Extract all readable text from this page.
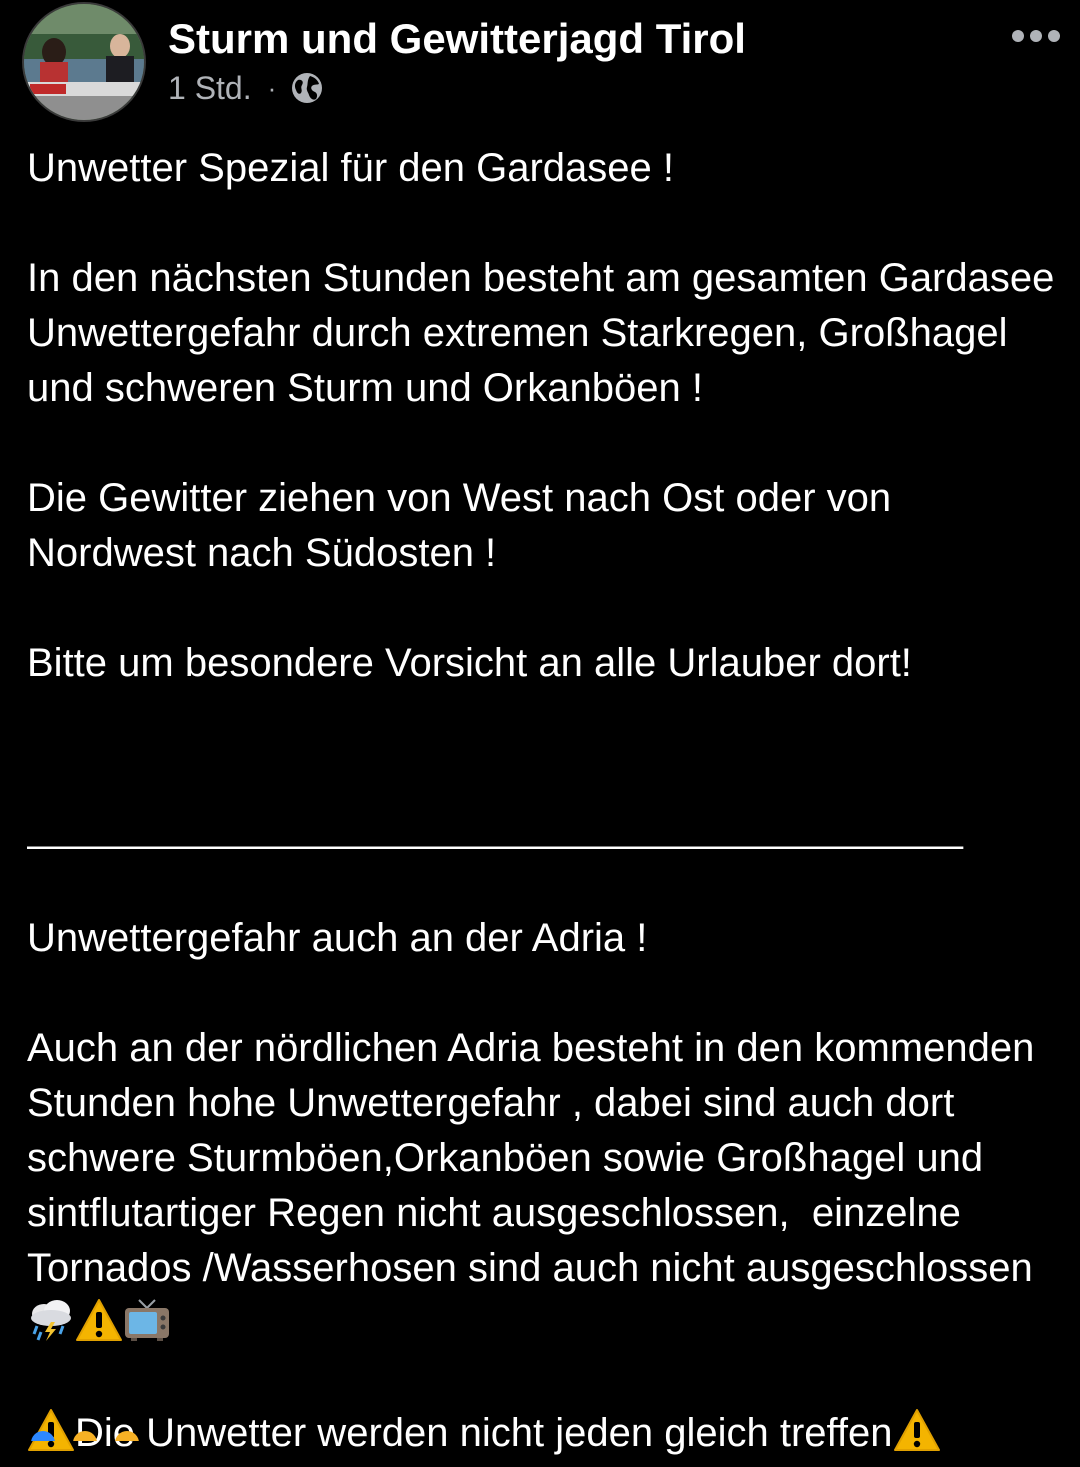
Sturm und Gewitterjagd Tirol
1 Std. ·

Unwetter Spezial für den Gardasee !

In den nächsten Stunden besteht am gesamten Gardasee Unwettergefahr durch extremen Starkregen, Großhagel und schweren Sturm und Orkanböen !

Die Gewitter ziehen von West nach Ost oder von Nordwest nach Südosten !

Bitte um besondere Vorsicht an alle Urlauber dort!

____________________________________________

Unwettergefahr auch an der Adria !

Auch an der nördlichen Adria besteht in den kommenden Stunden hohe Unwettergefahr , dabei sind auch dort schwere Sturmböen,Orkanböen sowie Großhagel und sintflutartiger Regen nicht ausgeschlossen,  einzelne Tornados /Wasserhosen sind auch nicht ausgeschlossen

Die Unwetter werden nicht jeden gleich treffen
